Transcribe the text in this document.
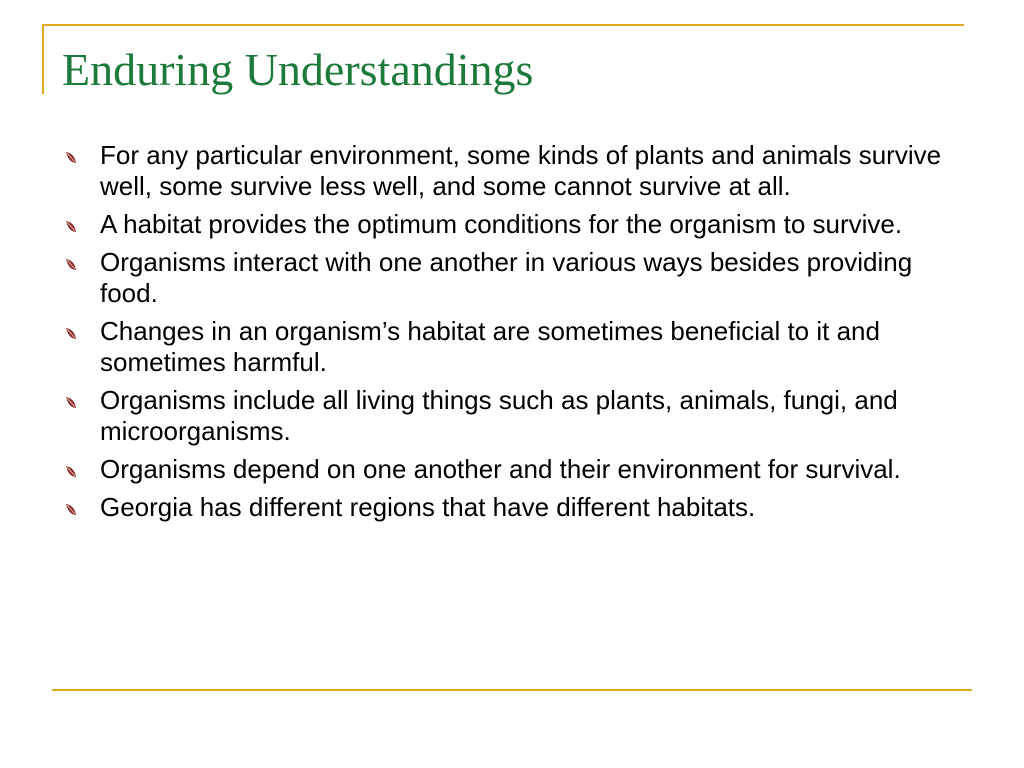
Enduring Understandings
For any particular environment, some kinds of plants and animals survive well, some survive less well, and some cannot survive at all.
A habitat provides the optimum conditions for the organism to survive.
Organisms interact with one another in various ways besides providing food.
Changes in an organism’s habitat are sometimes beneficial to it and sometimes harmful.
Organisms include all living things such as plants, animals, fungi, and microorganisms.
Organisms depend on one another and their environment for survival.
Georgia has different regions that have different habitats.
